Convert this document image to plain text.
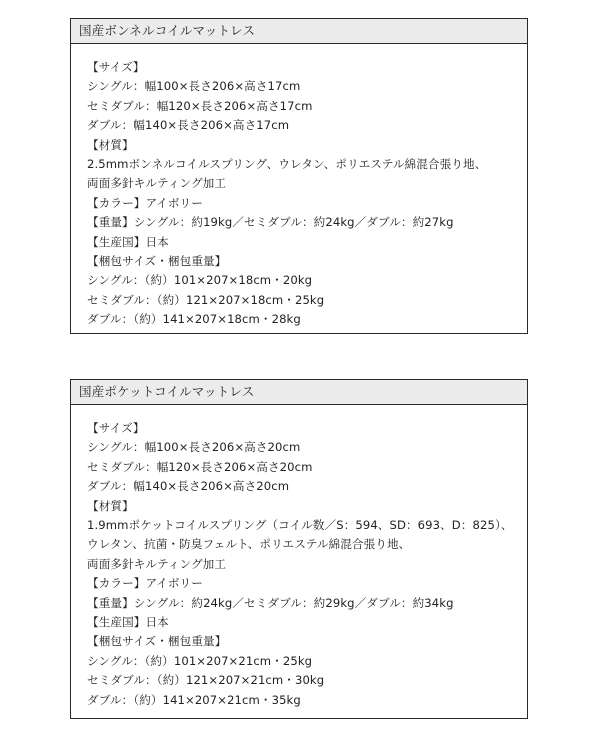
国産ボンネルコイルマットレス
【サイズ】
シングル：幅100×長さ206×高さ17cm
セミダブル：幅120×長さ206×高さ17cm
ダブル：幅140×長さ206×高さ17cm
【材質】
2.5mmボンネルコイルスプリング、ウレタン、ポリエステル綿混合張り地、
両面多針キルティング加工
【カラー】アイボリー
【重量】シングル：約19kg／セミダブル：約24kg／ダブル：約27kg
【生産国】日本
【梱包サイズ・梱包重量】
シングル：（約）101×207×18cm・20kg
セミダブル：（約）121×207×18cm・25kg
ダブル：（約）141×207×18cm・28kg
国産ポケットコイルマットレス
【サイズ】
シングル：幅100×長さ206×高さ20cm
セミダブル：幅120×長さ206×高さ20cm
ダブル：幅140×長さ206×高さ20cm
【材質】
1.9mmポケットコイルスプリング（コイル数／S：594、SD：693、D：825）、
ウレタン、抗菌・防臭フェルト、ポリエステル綿混合張り地、
両面多針キルティング加工
【カラー】アイボリー
【重量】シングル：約24kg／セミダブル：約29kg／ダブル：約34kg
【生産国】日本
【梱包サイズ・梱包重量】
シングル：（約）101×207×21cm・25kg
セミダブル：（約）121×207×21cm・30kg
ダブル：（約）141×207×21cm・35kg
